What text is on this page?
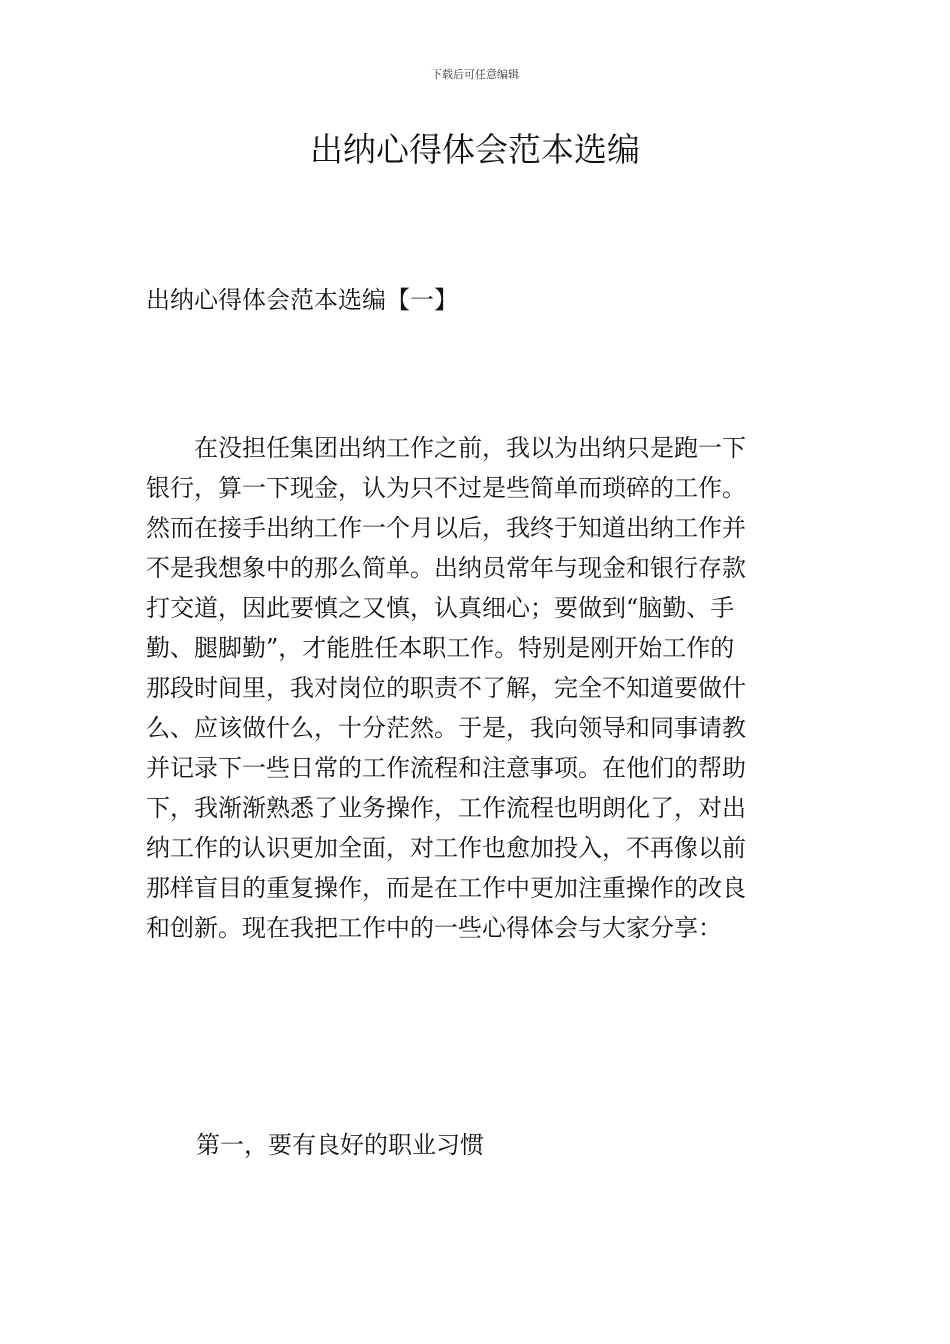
下载后可任意编辑
出纳心得体会范本选编
出纳心得体会范本选编【一】
　　在没担任集团出纳工作之前，我以为出纳只是跑一下
银行，算一下现金，认为只不过是些简单而琐碎的工作。
然而在接手出纳工作一个月以后，我终于知道出纳工作并
不是我想象中的那么简单。出纳员常年与现金和银行存款
打交道，因此要慎之又慎，认真细心；要做到“脑勤、手
勤、腿脚勤”，才能胜任本职工作。特别是刚开始工作的
那段时间里，我对岗位的职责不了解，完全不知道要做什
么、应该做什么，十分茫然。于是，我向领导和同事请教
并记录下一些日常的工作流程和注意事项。在他们的帮助
下，我渐渐熟悉了业务操作，工作流程也明朗化了，对出
纳工作的认识更加全面，对工作也愈加投入，不再像以前
那样盲目的重复操作，而是在工作中更加注重操作的改良
和创新。现在我把工作中的一些心得体会与大家分享：
第一，要有良好的职业习惯
